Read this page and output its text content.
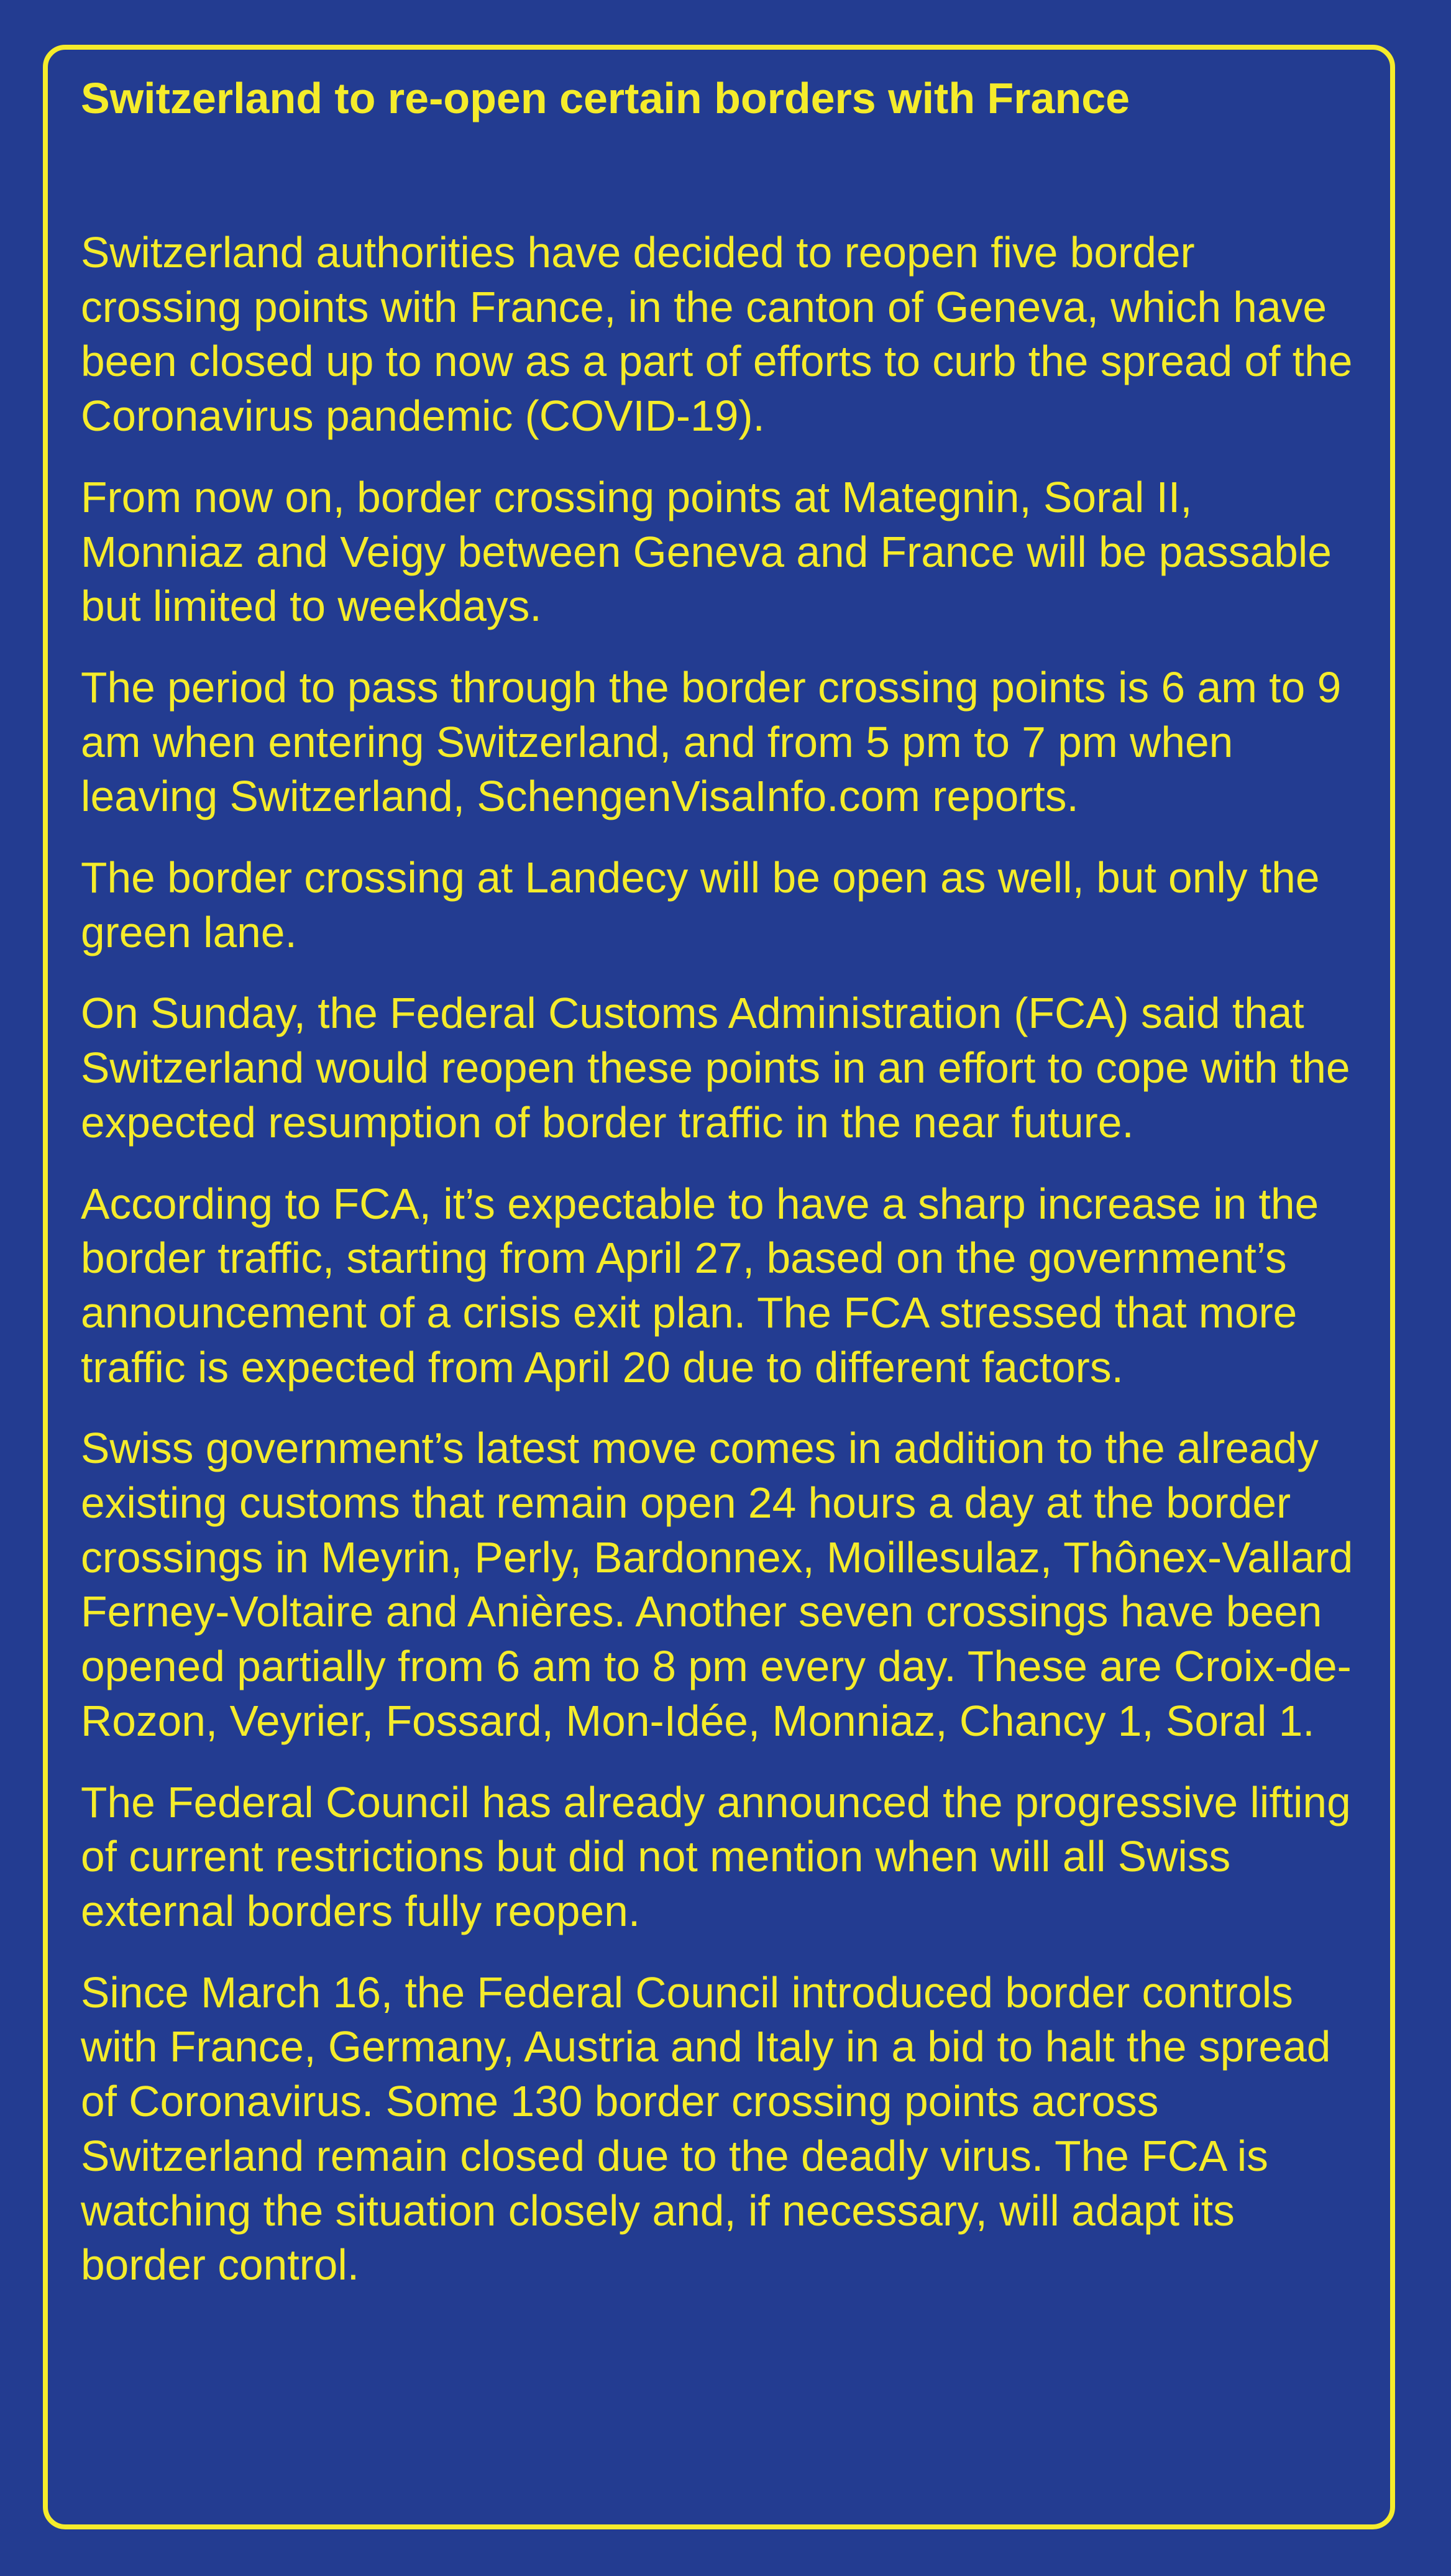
Switzerland to re-open certain borders with France

Switzerland authorities have decided to reopen five border crossing points with France, in the canton of Geneva, which have been closed up to now as a part of efforts to curb the spread of the Coronavirus pandemic (COVID-19).

From now on, border crossing points at Mategnin, Soral II, Monniaz and Veigy between Geneva and France will be passable but limited to weekdays.

The period to pass through the border crossing points is 6 am to 9 am when entering Switzerland, and from 5 pm to 7 pm when leaving Switzerland, SchengenVisaInfo.com reports.

The border crossing at Landecy will be open as well, but only the green lane.

On Sunday, the Federal Customs Administration (FCA) said that Switzerland would reopen these points in an effort to cope with the expected resumption of border traffic in the near future.

According to FCA, it’s expectable to have a sharp increase in the border traffic, starting from April 27, based on the government’s announcement of a crisis exit plan. The FCA stressed that more traffic is expected from April 20 due to different factors.

Swiss government’s latest move comes in addition to the already existing customs that remain open 24 hours a day at the border crossings in Meyrin, Perly, Bardonnex, Moillesulaz, Thônex-Vallard Ferney-Voltaire and Anières. Another seven crossings have been opened partially from 6 am to 8 pm every day. These are Croix-de-Rozon, Veyrier, Fossard, Mon-Idée, Monniaz, Chancy 1, Soral 1.

The Federal Council has already announced the progressive lifting of current restrictions but did not mention when will all Swiss external borders fully reopen.

Since March 16, the Federal Council introduced border controls with France, Germany, Austria and Italy in a bid to halt the spread of Coronavirus. Some 130 border crossing points across Switzerland remain closed due to the deadly virus. The FCA is watching the situation closely and, if necessary, will adapt its border control.
